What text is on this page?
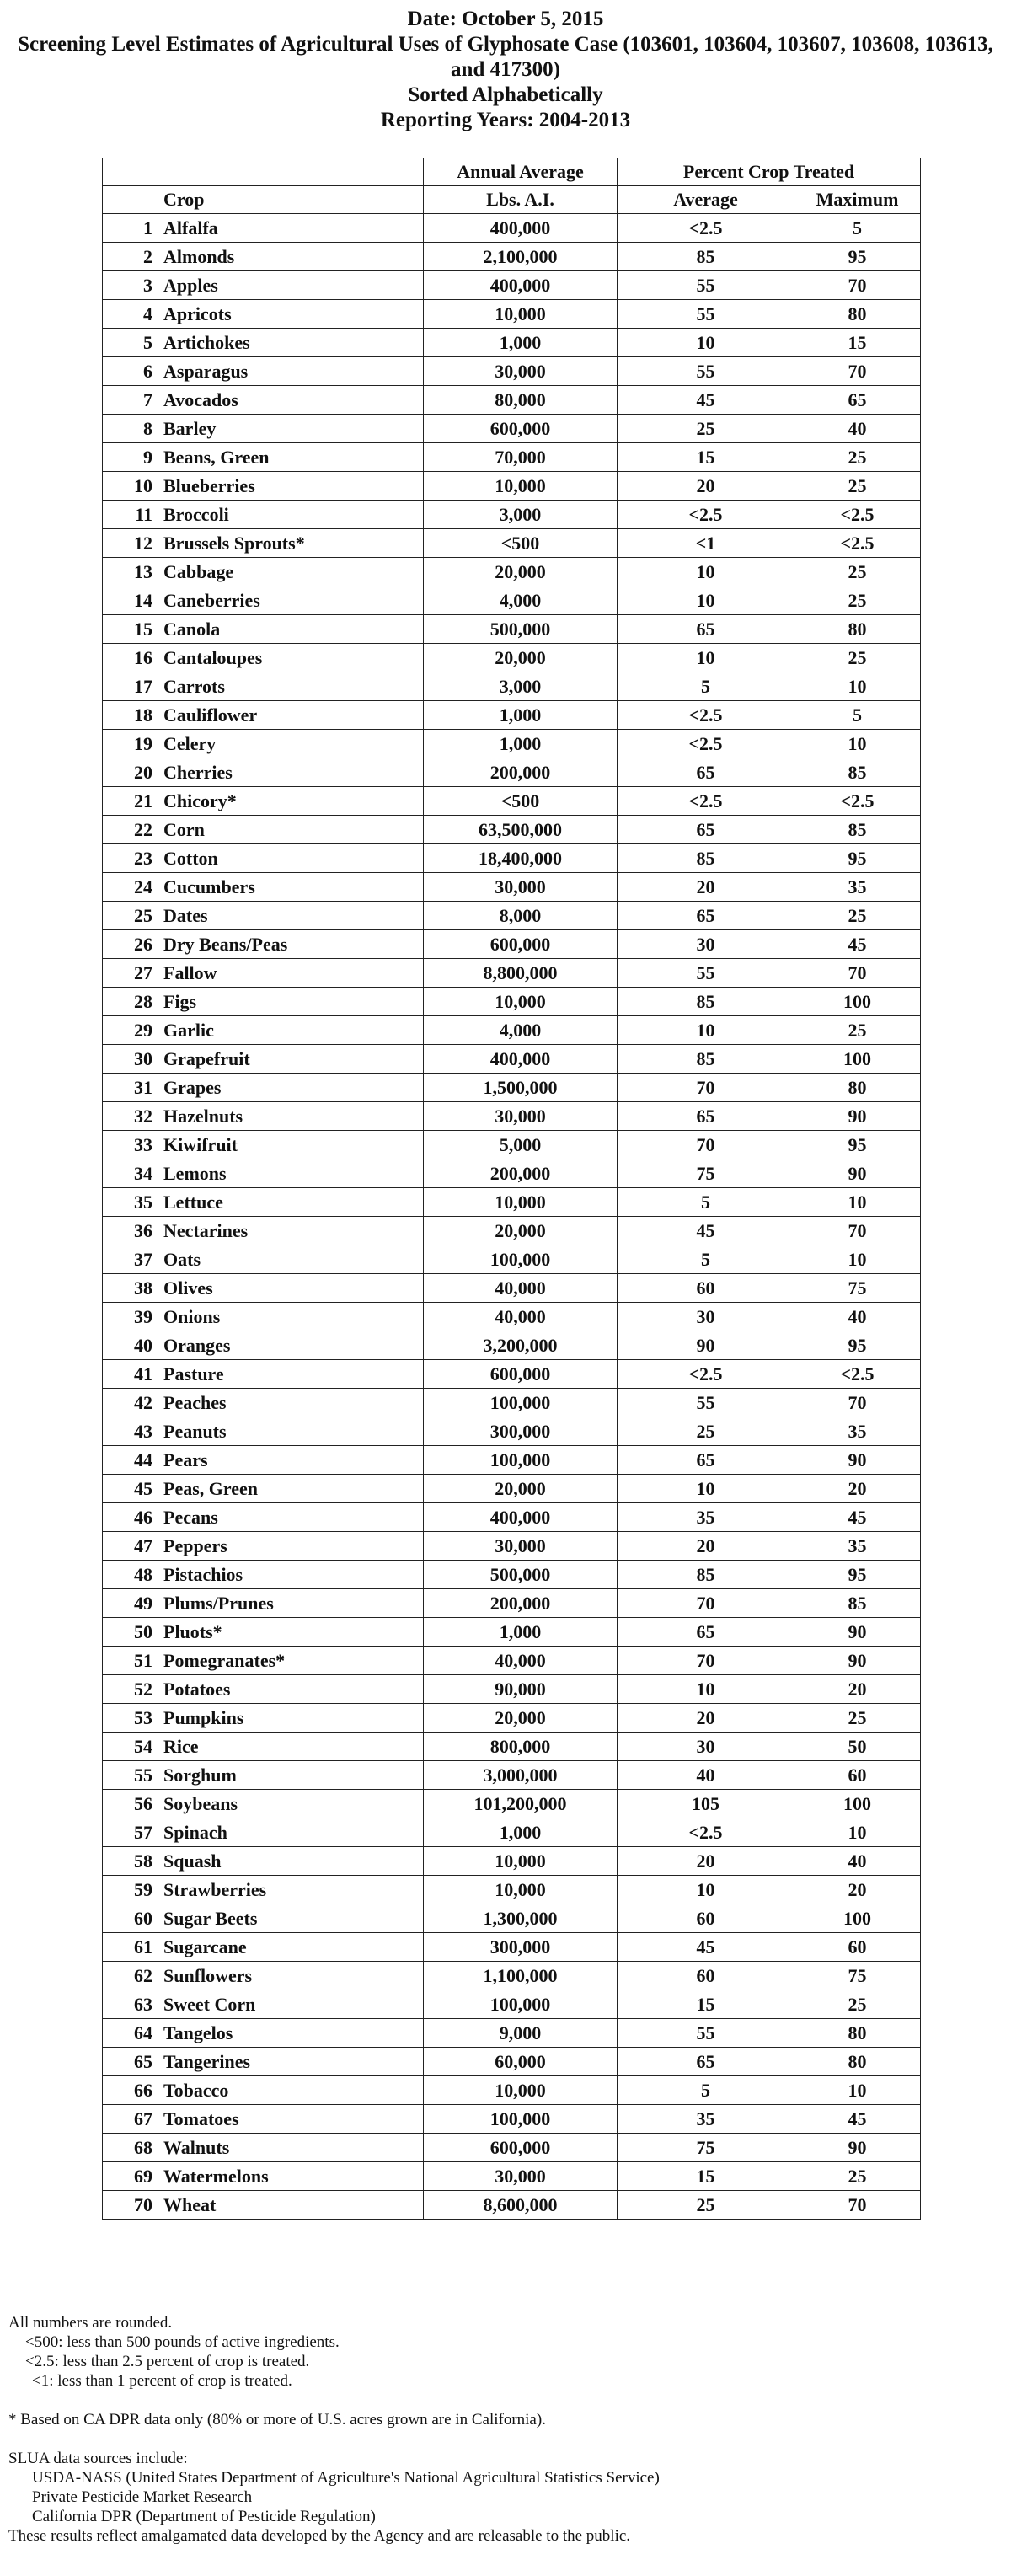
Date: October 5, 2015
Screening Level Estimates of Agricultural Uses of Glyphosate Case (103601, 103604, 103607, 103608, 103613, and 417300)
Sorted Alphabetically
Reporting Years: 2004-2013
		Annual Average	Percent Crop Treated	
	Crop	Lbs. A.I.	Average	Maximum
1	Alfalfa	400,000	<2.5	5
2	Almonds	2,100,000	85	95
3	Apples	400,000	55	70
4	Apricots	10,000	55	80
5	Artichokes	1,000	10	15
6	Asparagus	30,000	55	70
7	Avocados	80,000	45	65
8	Barley	600,000	25	40
9	Beans, Green	70,000	15	25
10	Blueberries	10,000	20	25
11	Broccoli	3,000	<2.5	<2.5
12	Brussels Sprouts*	<500	<1	<2.5
13	Cabbage	20,000	10	25
14	Caneberries	4,000	10	25
15	Canola	500,000	65	80
16	Cantaloupes	20,000	10	25
17	Carrots	3,000	5	10
18	Cauliflower	1,000	<2.5	5
19	Celery	1,000	<2.5	10
20	Cherries	200,000	65	85
21	Chicory*	<500	<2.5	<2.5
22	Corn	63,500,000	65	85
23	Cotton	18,400,000	85	95
24	Cucumbers	30,000	20	35
25	Dates	8,000	65	25
26	Dry Beans/Peas	600,000	30	45
27	Fallow	8,800,000	55	70
28	Figs	10,000	85	100
29	Garlic	4,000	10	25
30	Grapefruit	400,000	85	100
31	Grapes	1,500,000	70	80
32	Hazelnuts	30,000	65	90
33	Kiwifruit	5,000	70	95
34	Lemons	200,000	75	90
35	Lettuce	10,000	5	10
36	Nectarines	20,000	45	70
37	Oats	100,000	5	10
38	Olives	40,000	60	75
39	Onions	40,000	30	40
40	Oranges	3,200,000	90	95
41	Pasture	600,000	<2.5	<2.5
42	Peaches	100,000	55	70
43	Peanuts	300,000	25	35
44	Pears	100,000	65	90
45	Peas, Green	20,000	10	20
46	Pecans	400,000	35	45
47	Peppers	30,000	20	35
48	Pistachios	500,000	85	95
49	Plums/Prunes	200,000	70	85
50	Pluots*	1,000	65	90
51	Pomegranates*	40,000	70	90
52	Potatoes	90,000	10	20
53	Pumpkins	20,000	20	25
54	Rice	800,000	30	50
55	Sorghum	3,000,000	40	60
56	Soybeans	101,200,000	105	100
57	Spinach	1,000	<2.5	10
58	Squash	10,000	20	40
59	Strawberries	10,000	10	20
60	Sugar Beets	1,300,000	60	100
61	Sugarcane	300,000	45	60
62	Sunflowers	1,100,000	60	75
63	Sweet Corn	100,000	15	25
64	Tangelos	9,000	55	80
65	Tangerines	60,000	65	80
66	Tobacco	10,000	5	10
67	Tomatoes	100,000	35	45
68	Walnuts	600,000	75	90
69	Watermelons	30,000	15	25
70	Wheat	8,600,000	25	70
All numbers are rounded.
<500: less than 500 pounds of active ingredients.
<2.5: less than 2.5 percent of crop is treated.
<1: less than 1 percent of crop is treated.
* Based on CA DPR data only (80% or more of U.S. acres grown are in California).
SLUA data sources include:
USDA-NASS (United States Department of Agriculture's National Agricultural Statistics Service)
Private Pesticide Market Research
California DPR (Department of Pesticide Regulation)
These results reflect amalgamated data developed by the Agency and are releasable to the public.
